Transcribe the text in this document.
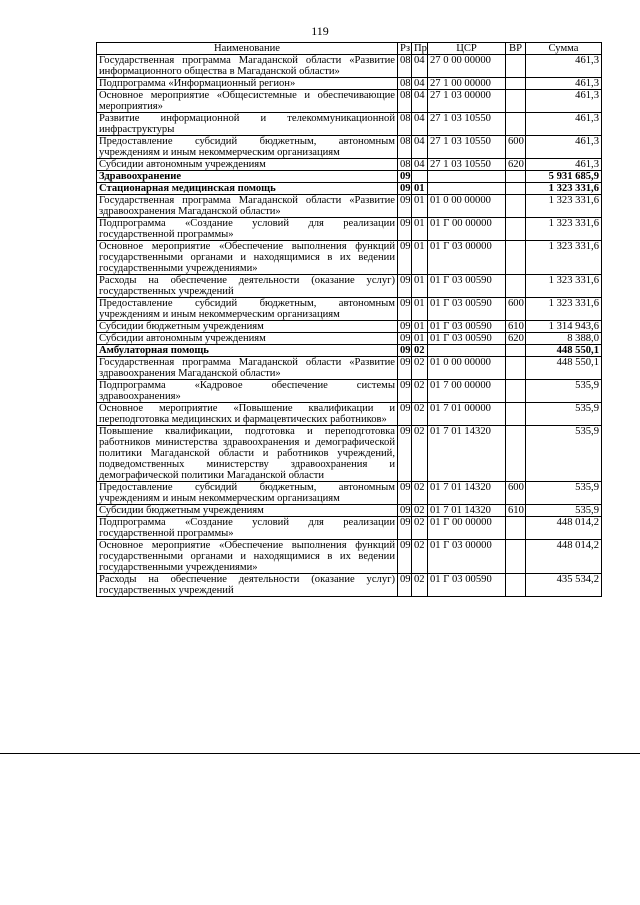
119
Наименование	Рз	Пр	ЦСР	ВР	Сумма
Государственная программа Магаданской области «Развитие информационного общества в Магаданской области»	08	04	27 0 00 00000		461,3
Подпрограмма «Информационный регион»	08	04	27 1 00 00000		461,3
Основное мероприятие «Общесистемные и обеспечивающие мероприятия»	08	04	27 1 03 00000		461,3
Развитие информационной и телекоммуникационной инфраструктуры	08	04	27 1 03 10550		461,3
Предоставление субсидий бюджетным, автономным учреждениям и иным некоммерческим организациям	08	04	27 1 03 10550	600	461,3
Субсидии автономным учреждениям	08	04	27 1 03 10550	620	461,3
Здравоохранение	09				5 931 685,9
Стационарная медицинская помощь	09	01			1 323 331,6
Государственная программа Магаданской области «Развитие здравоохранения Магаданской области»	09	01	01 0 00 00000		1 323 331,6
Подпрограмма «Создание условий для реализации государственной программы»	09	01	01 Г 00 00000		1 323 331,6
Основное мероприятие «Обеспечение выполнения функций государственными органами и находящимися в их ведении государственными учреждениями»	09	01	01 Г 03 00000		1 323 331,6
Расходы на обеспечение деятельности (оказание услуг) государственных учреждений	09	01	01 Г 03 00590		1 323 331,6
Предоставление субсидий бюджетным, автономным учреждениям и иным некоммерческим организациям	09	01	01 Г 03 00590	600	1 323 331,6
Субсидии бюджетным учреждениям	09	01	01 Г 03 00590	610	1 314 943,6
Субсидии автономным учреждениям	09	01	01 Г 03 00590	620	8 388,0
Амбулаторная помощь	09	02			448 550,1
Государственная программа Магаданской области «Развитие здравоохранения Магаданской области»	09	02	01 0 00 00000		448 550,1
Подпрограмма «Кадровое обеспечение системы здравоохранения»	09	02	01 7 00 00000		535,9
Основное мероприятие «Повышение квалификации и переподготовка медицинских и фармацевтических работников»	09	02	01 7 01 00000		535,9
Повышение квалификации, подготовка и переподготовка работников министерства здравоохранения и демографической политики Магаданской области и работников учреждений, подведомственных министерству здравоохранения и демографической политики Магаданской области	09	02	01 7 01 14320		535,9
Предоставление субсидий бюджетным, автономным учреждениям и иным некоммерческим организациям	09	02	01 7 01 14320	600	535,9
Субсидии бюджетным учреждениям	09	02	01 7 01 14320	610	535,9
Подпрограмма «Создание условий для реализации государственной программы»	09	02	01 Г 00 00000		448 014,2
Основное мероприятие «Обеспечение выполнения функций государственными органами и находящимися в их ведении государственными учреждениями»	09	02	01 Г 03 00000		448 014,2
Расходы на обеспечение деятельности (оказание услуг) государственных учреждений	09	02	01 Г 03 00590		435 534,2
